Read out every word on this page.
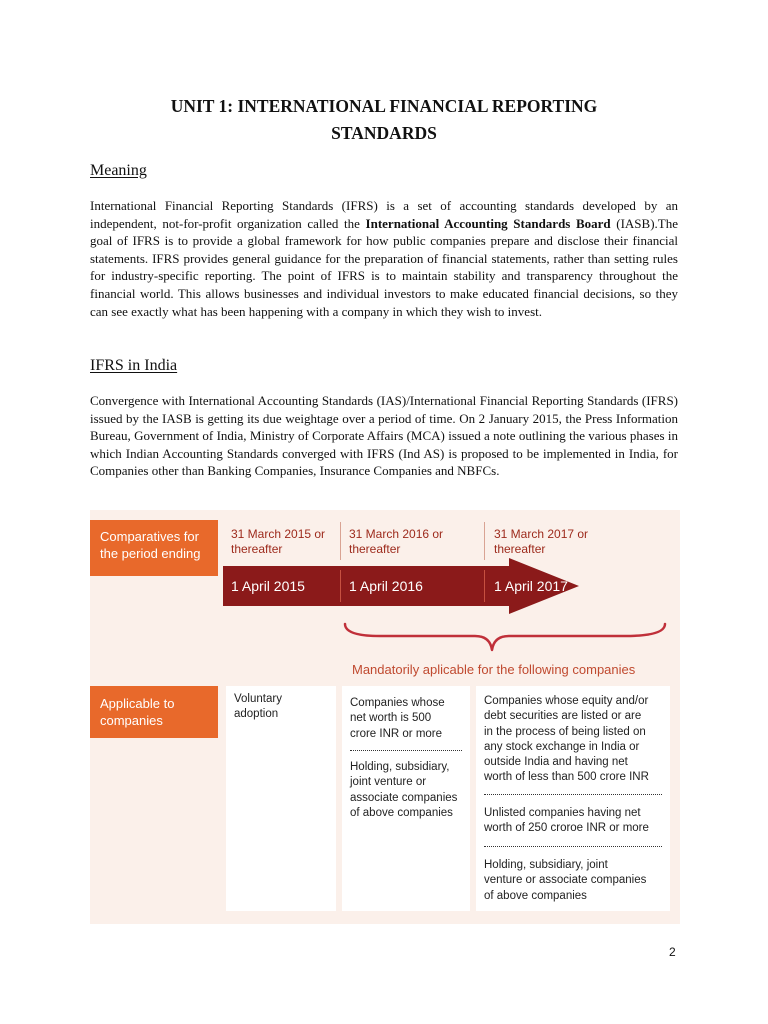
UNIT 1: INTERNATIONAL FINANCIAL REPORTING
STANDARDS
Meaning

International Financial Reporting Standards (IFRS) is a set of accounting standards developed by an independent, not-for-profit organization called the International Accounting Standards Board (IASB).The goal of IFRS is to provide a global framework for how public companies prepare and disclose their financial statements. IFRS provides general guidance for the preparation of financial statements, rather than setting rules for industry-specific reporting. The point of IFRS is to maintain stability and transparency throughout the financial world. This allows businesses and individual investors to make educated financial decisions, so they can see exactly what has been happening with a company in which they wish to invest.

IFRS in India

Convergence with International Accounting Standards (IAS)/International Financial Reporting Standards (IFRS) issued by the IASB is getting its due weightage over a period of time. On 2 January 2015, the Press Information Bureau, Government of India, Ministry of Corporate Affairs (MCA) issued a note outlining the various phases in which Indian Accounting Standards converged with IFRS (Ind AS) is proposed to be implemented in India, for Companies other than Banking Companies, Insurance Companies and NBFCs.

Comparatives for
the period ending
31 March 2015 or
thereafter
31 March 2016 or
thereafter
31 March 2017 or
thereafter
1 April 2015	1 April 2016	1 April 2017
Mandatorily aplicable for the following companies
Applicable to
companies
Voluntary
adoption
Companies whose
net worth is 500
crore INR or more
Holding, subsidiary,
joint venture or
associate companies
of above companies
Companies whose equity and/or
debt securities are listed or are
in the process of being listed on
any stock exchange in India or
outside India and having net
worth of less than 500 crore INR
Unlisted companies having net
worth of 250 croroe INR or more
Holding, subsidiary, joint
venture or associate companies
of above companies
2
